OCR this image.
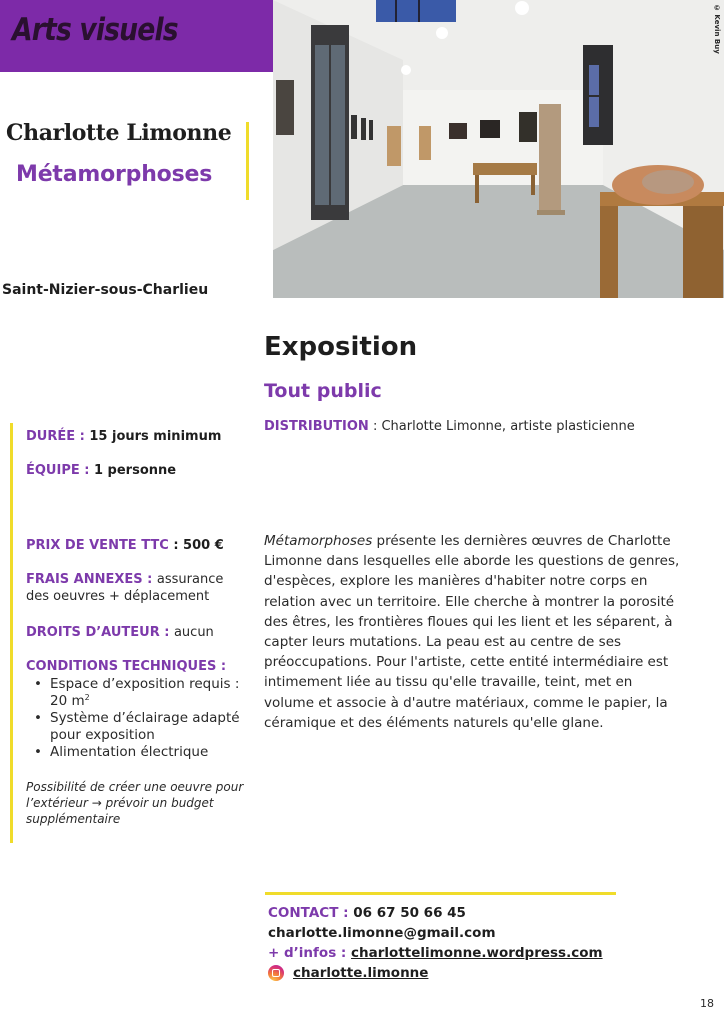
Arts visuels
Charlotte Limonne
Métamorphoses
Saint-Nizier-sous-Charlieu
© Kevin Buy
Exposition
Tout public
DISTRIBUTION : Charlotte Limonne, artiste plasticienne
DURÉE : 15 jours minimum
ÉQUIPE : 1 personne
PRIX DE VENTE TTC : 500 €
FRAIS ANNEXES : assurance des oeuvres + déplacement
DROITS D’AUTEUR : aucun
CONDITIONS TECHNIQUES :
• Espace d’exposition requis : 20 $m^2$
• Système d’éclairage adapté pour exposition
• Alimentation électrique
Possibilité de créer une oeuvre pour l’extérieur → prévoir un budget supplémentaire
Métamorphoses présente les dernières œuvres de Charlotte Limonne dans lesquelles elle aborde les questions de genres, d'espèces, explore les manières d'habiter notre corps en relation avec un territoire. Elle cherche à montrer la porosité des êtres, les frontières floues qui les lient et les séparent, à capter leurs mutations. La peau est au centre de ses préoccupations. Pour l'artiste, cette entité intermédiaire est intimement liée au tissu qu'elle travaille, teint, met en volume et associe à d'autre matériaux, comme le papier, la céramique et des éléments naturels qu'elle glane.
CONTACT : 06 67 50 66 45
charlotte.limonne@gmail.com
+ d’infos : charlottelimonne.wordpress.com
charlotte.limonne
18
